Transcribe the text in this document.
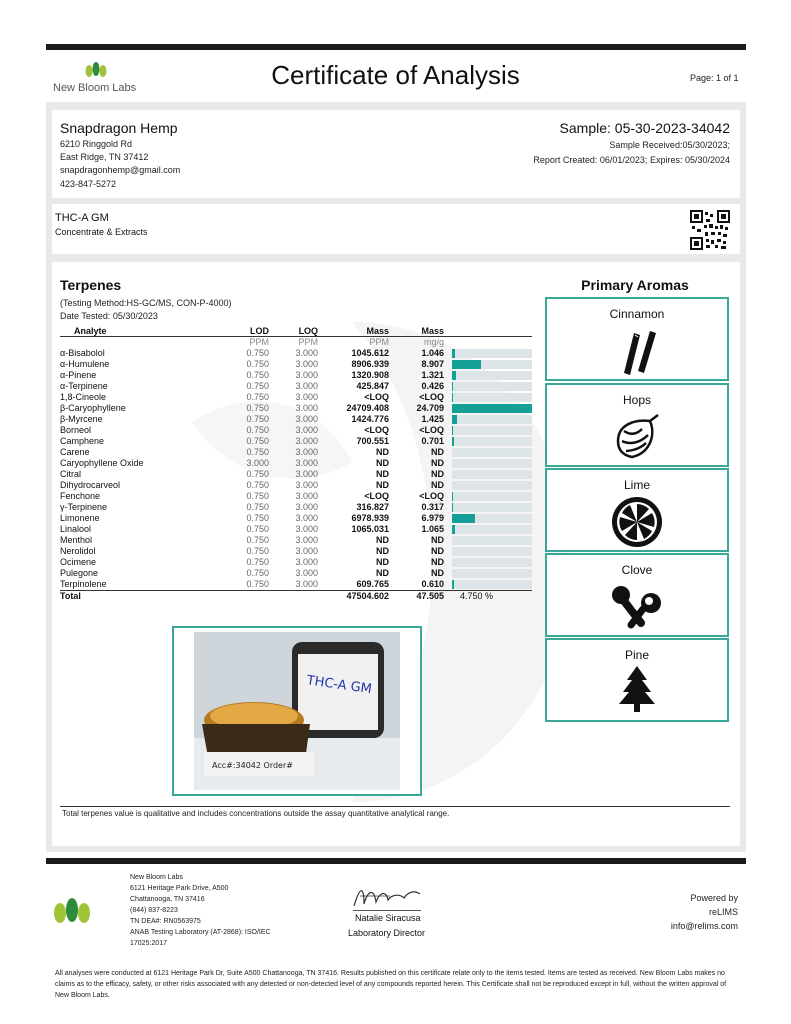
New Bloom Labs	Certificate of Analysis	Page: 1 of 1
Snapdragon Hemp
6210 Ringgold Rd
East Ridge, TN 37412
snapdragonhemp@gmail.com
423-847-5272
Sample: 05-30-2023-34042
Sample Received:05/30/2023;
Report Created: 06/01/2023; Expires: 05/30/2024
THC-A GM
Concentrate & Extracts
Terpenes
(Testing Method:HS-GC/MS, CON-P-4000)
Date Tested: 05/30/2023
Analyte	LOD	LOQ	Mass	Mass	
	PPM	PPM	PPM	mg/g	
α-Bisabolol	0.750	3.000	1045.612	1.046	

α-Humulene	0.750	3.000	8906.939	8.907	

α-Pinene	0.750	3.000	1320.908	1.321	

α-Terpinene	0.750	3.000	425.847	0.426	

1,8-Cineole	0.750	3.000	<LOQ	<LOQ	

β-Caryophyllene	0.750	3.000	24709.408	24.709	

β-Myrcene	0.750	3.000	1424.776	1.425	

Borneol	0.750	3.000	<LOQ	<LOQ	

Camphene	0.750	3.000	700.551	0.701	

Carene	0.750	3.000	ND	ND	

Caryophyllene Oxide	3.000	3.000	ND	ND	

Citral	0.750	3.000	ND	ND	

Dihydrocarveol	0.750	3.000	ND	ND	

Fenchone	0.750	3.000	<LOQ	<LOQ	

γ-Terpinene	0.750	3.000	316.827	0.317	

Limonene	0.750	3.000	6978.939	6.979	

Linalool	0.750	3.000	1065.031	1.065	

Menthol	0.750	3.000	ND	ND	

Nerolidol	0.750	3.000	ND	ND	

Ocimene	0.750	3.000	ND	ND	

Pulegone	0.750	3.000	ND	ND	

Terpinolene	0.750	3.000	609.765	0.610	

Total			47504.602	47.505	4.750 %
Total terpenes value is qualitative and includes concentrations outside the assay quantitative analytical range.
THC-A GM
Acc#:34042 Order#
Primary Aromas
Cinnamon
Hops
Lime
Clove
Pine
New Bloom Labs
6121 Heritage Park Drive, A500
Chattanooga, TN 37416
(844) 837-8223
TN DEA#: RN0563975
ANAB Testing Laboratory (AT-2868): ISO/IEC
17025:2017
Natalie Siracusa
Laboratory Director
Powered by
reLIMS
info@relims.com
All analyses were conducted at 6121 Heritage Park Dr, Suite A500 Chattanooga, TN 37416. Results published on this certificate relate only to the items tested. Items are tested as received. New Bloom Labs makes no claims as to the efficacy, safety, or other risks associated with any detected or non-detected level of any compounds reported herein. This Certificate shall not be reproduced except in full, without the written approval of New Bloom Labs.
